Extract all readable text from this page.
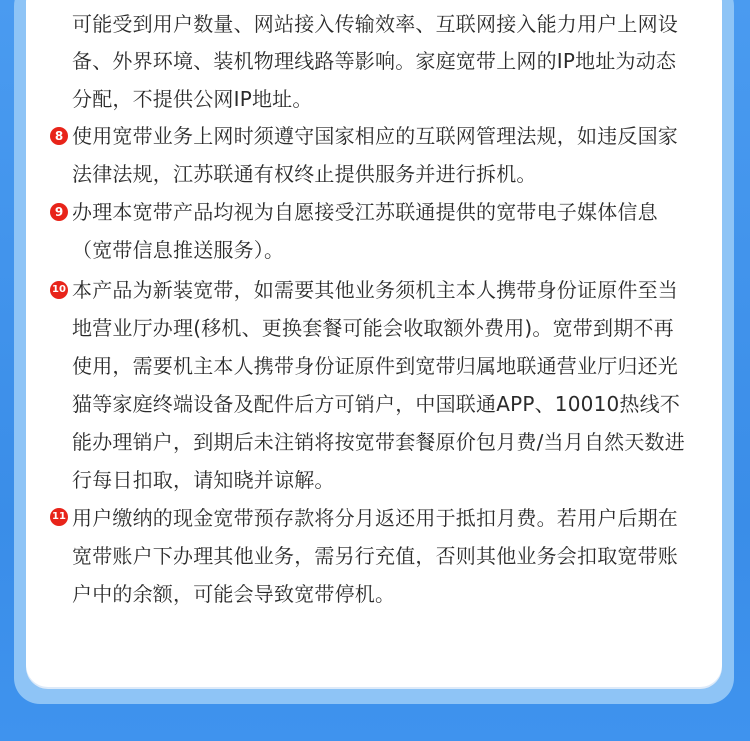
可能受到用户数量、网站接入传输效率、互联网接入能力用户上网设
备、外界环境、装机物理线路等影响。家庭宽带上网的IP地址为动态
分配，不提供公网IP地址。
8 使用宽带业务上网时须遵守国家相应的互联网管理法规，如违反国家
法律法规，江苏联通有权终止提供服务并进行拆机。
9 办理本宽带产品均视为自愿接受江苏联通提供的宽带电子媒体信息
（宽带信息推送服务）。
10 本产品为新装宽带，如需要其他业务须机主本人携带身份证原件至当
地营业厅办理(移机、更换套餐可能会收取额外费用)。宽带到期不再
使用，需要机主本人携带身份证原件到宽带归属地联通营业厅归还光
猫等家庭终端设备及配件后方可销户，中国联通APP、10010热线不
能办理销户，到期后未注销将按宽带套餐原价包月费/当月自然天数进
行每日扣取，请知晓并谅解。
11 用户缴纳的现金宽带预存款将分月返还用于抵扣月费。若用户后期在
宽带账户下办理其他业务，需另行充值，否则其他业务会扣取宽带账
户中的余额，可能会导致宽带停机。
